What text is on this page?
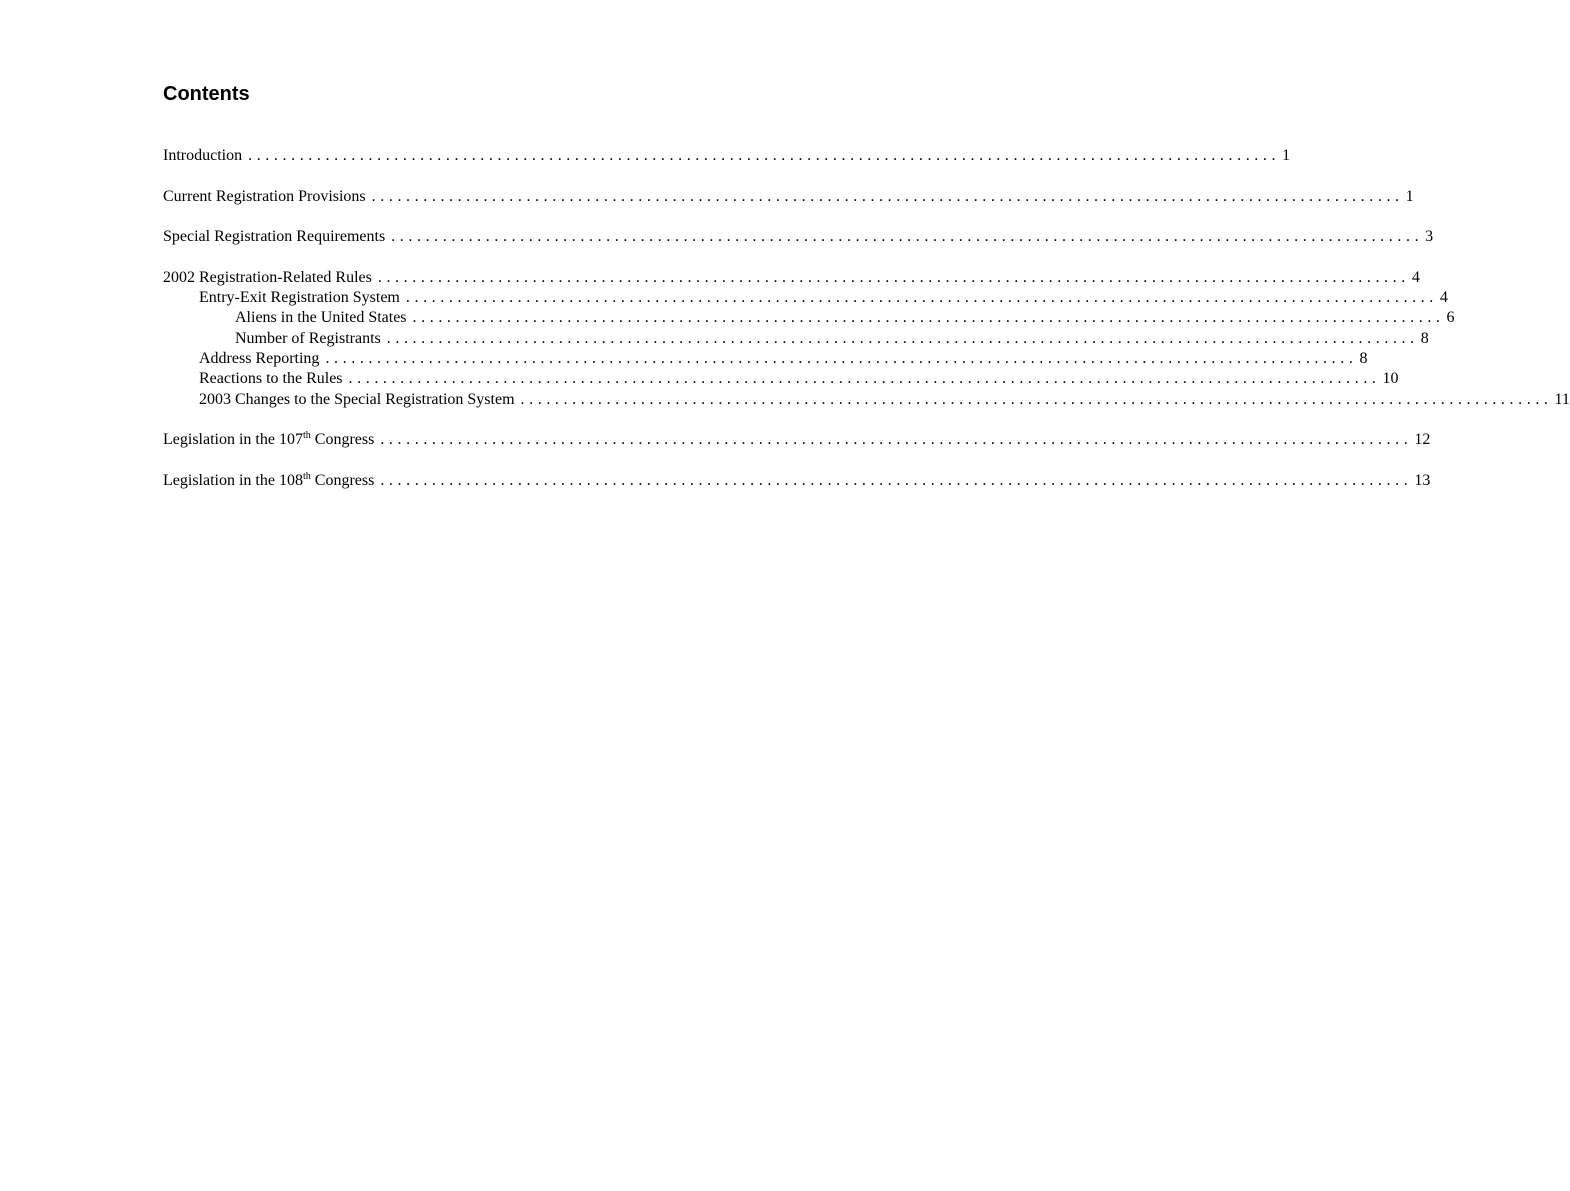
Contents
Introduction ........................................................................................................................ 1
Current Registration Provisions ........................................................................................................................ 1
Special Registration Requirements ........................................................................................................................ 3
2002 Registration-Related Rules ........................................................................................................................ 4
Entry-Exit Registration System ........................................................................................................................ 4
Aliens in the United States ........................................................................................................................ 6
Number of Registrants ........................................................................................................................ 8
Address Reporting ........................................................................................................................ 8
Reactions to the Rules ........................................................................................................................ 10
2003 Changes to the Special Registration System ........................................................................................................................ 11
Legislation in the 107th Congress ........................................................................................................................ 12
Legislation in the 108th Congress ........................................................................................................................ 13
